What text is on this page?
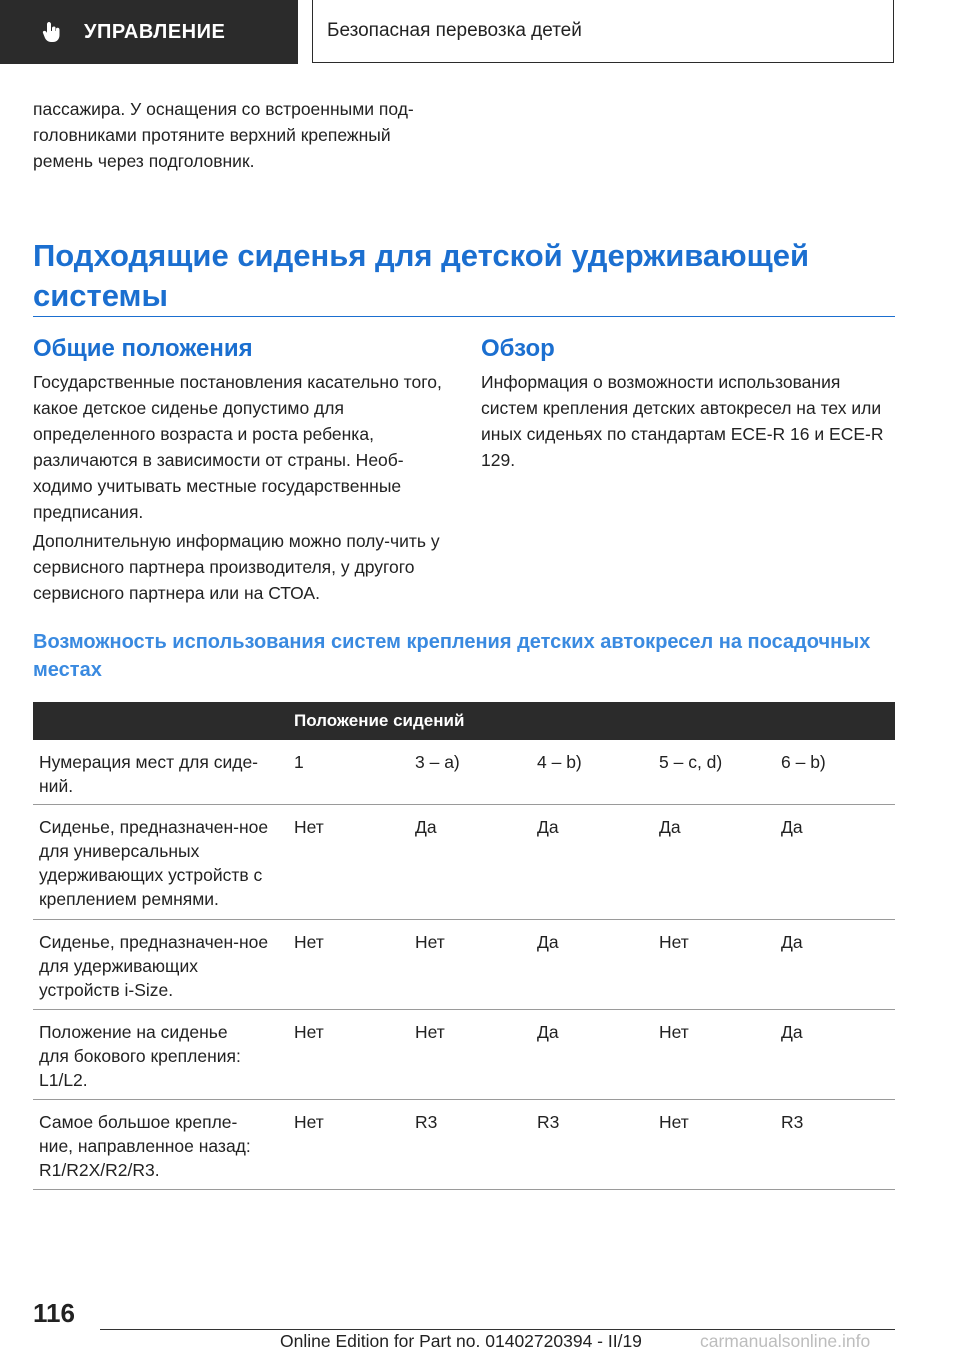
УПРАВЛЕНИЕ	Безопасная перевозка детей
пассажира. У оснащения со встроенными под-головниками протяните верхний крепежный ремень через подголовник.
Подходящие сиденья для детской удерживающей системы
Общие положения
Государственные постановления касательно того, какое детское сиденье допустимо для определенного возраста и роста ребенка, различаются в зависимости от страны. Необ-ходимо учитывать местные государственные предписания.
Дополнительную информацию можно полу-чить у сервисного партнера производителя, у другого сервисного партнера или на СТОА.
Обзор
Информация о возможности использования систем крепления детских автокресел на тех или иных сиденьях по стандартам ECE-R 16 и ECE-R 129.
Возможность использования систем крепления детских автокресел на посадочных местах
Положение сидений
Нумерация мест для сиде-ний.
1	3 – a)	4 – b)	5 – c, d)	6 – b)
Сиденье, предназначен-ное для универсальных удерживающих устройств с креплением ремнями.
Нет	Да	Да	Да	Да
Сиденье, предназначен-ное для удерживающих устройств i-Size.
Нет	Нет	Да	Нет	Да
Положение на сиденье для бокового крепления: L1/L2.
Нет	Нет	Да	Нет	Да
Самое большое крепле-ние, направленное назад: R1/R2X/R2/R3.
Нет	R3	R3	Нет	R3
116
Online Edition for Part no. 01402720394 - II/19	carmanualsonline.info
